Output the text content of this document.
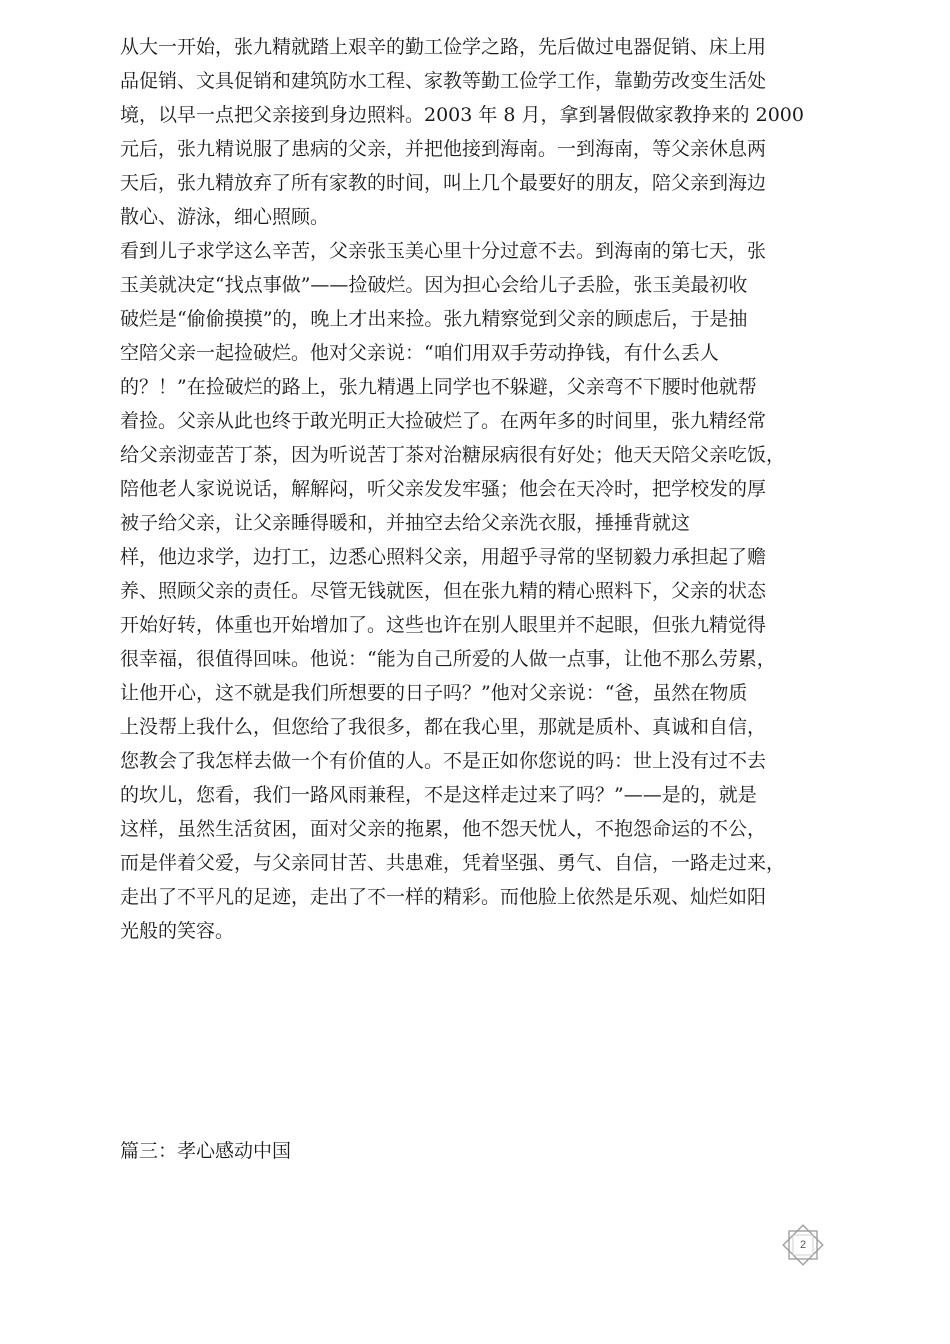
从大一开始，张九精就踏上艰辛的勤工俭学之路，先后做过电器促销、床上用
品促销、文具促销和建筑防水工程、家教等勤工俭学工作，靠勤劳改变生活处
境，以早一点把父亲接到身边照料。2003 年 8 月，拿到暑假做家教挣来的 2000
元后，张九精说服了患病的父亲，并把他接到海南。一到海南，等父亲休息两
天后，张九精放弃了所有家教的时间，叫上几个最要好的朋友，陪父亲到海边
散心、游泳，细心照顾。
看到儿子求学这么辛苦，父亲张玉美心里十分过意不去。到海南的第七天，张
玉美就决定“找点事做”——捡破烂。因为担心会给儿子丢脸，张玉美最初收
破烂是“偷偷摸摸”的，晚上才出来捡。张九精察觉到父亲的顾虑后，于是抽
空陪父亲一起捡破烂。他对父亲说：“咱们用双手劳动挣钱，有什么丢人
的？！”在捡破烂的路上，张九精遇上同学也不躲避，父亲弯不下腰时他就帮
着捡。父亲从此也终于敢光明正大捡破烂了。在两年多的时间里，张九精经常
给父亲沏壶苦丁茶，因为听说苦丁茶对治糖尿病很有好处；他天天陪父亲吃饭，
陪他老人家说说话，解解闷，听父亲发发牢骚；他会在天冷时，把学校发的厚
被子给父亲，让父亲睡得暖和，并抽空去给父亲洗衣服，捶捶背就这
样，他边求学，边打工，边悉心照料父亲，用超乎寻常的坚韧毅力承担起了赡
养、照顾父亲的责任。尽管无钱就医，但在张九精的精心照料下，父亲的状态
开始好转，体重也开始增加了。这些也许在别人眼里并不起眼，但张九精觉得
很幸福，很值得回味。他说：“能为自己所爱的人做一点事，让他不那么劳累，
让他开心，这不就是我们所想要的日子吗？”他对父亲说：“爸，虽然在物质
上没帮上我什么，但您给了我很多，都在我心里，那就是质朴、真诚和自信，
您教会了我怎样去做一个有价值的人。不是正如你您说的吗：世上没有过不去
的坎儿，您看，我们一路风雨兼程，不是这样走过来了吗？”——是的，就是
这样，虽然生活贫困，面对父亲的拖累，他不怨天忧人，不抱怨命运的不公，
而是伴着父爱，与父亲同甘苦、共患难，凭着坚强、勇气、自信，一路走过来，
走出了不平凡的足迹，走出了不一样的精彩。而他脸上依然是乐观、灿烂如阳
光般的笑容。
篇三：孝心感动中国
2
